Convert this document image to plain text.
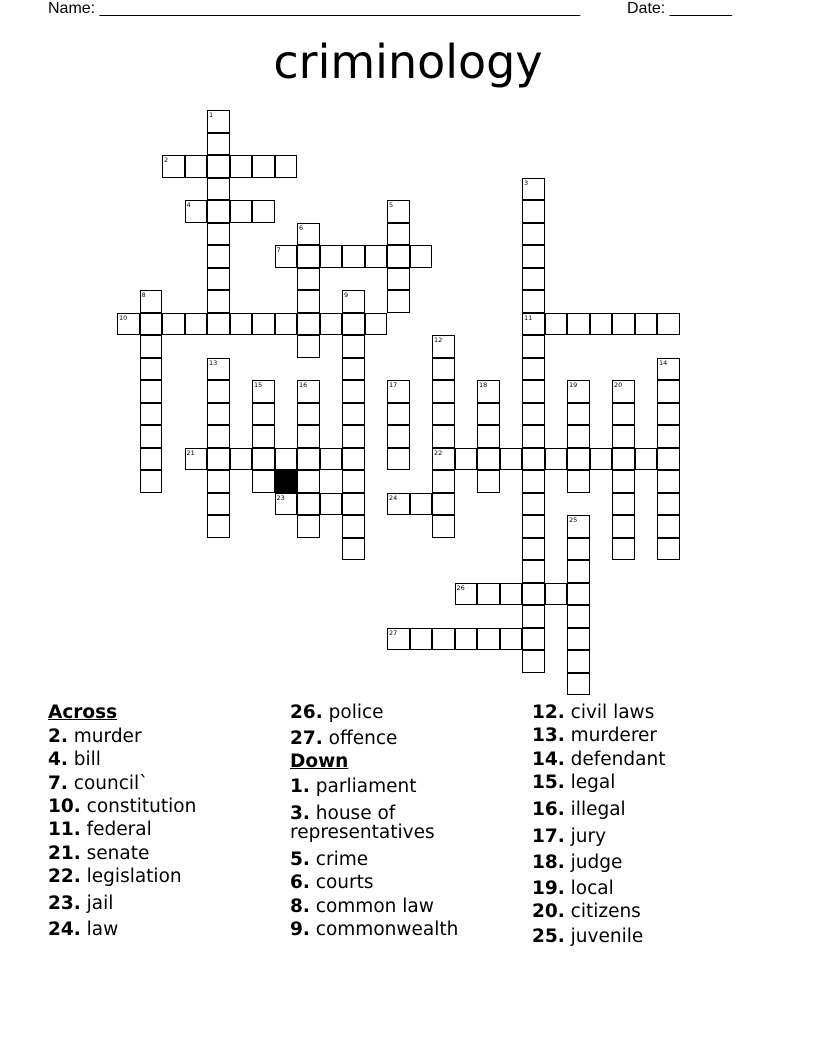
Name: ______________________________________________________	Date: _______
criminology
1
2
3
11
4	5
6
7
8	9
10
12
22
13	14
15	16	17	18	19	20
21
23	24
25
26
27
Across
2. murder
4. bill
7. council`
10. constitution
11. federal
21. senate
22. legislation
23. jail
24. law
26. police
27. offence
Down
1. parliament
3. house of
representatives
5. crime
6. courts
8. common law
9. commonwealth
12. civil laws
13. murderer
14. defendant
15. legal
16. illegal
17. jury
18. judge
19. local
20. citizens
25. juvenile
